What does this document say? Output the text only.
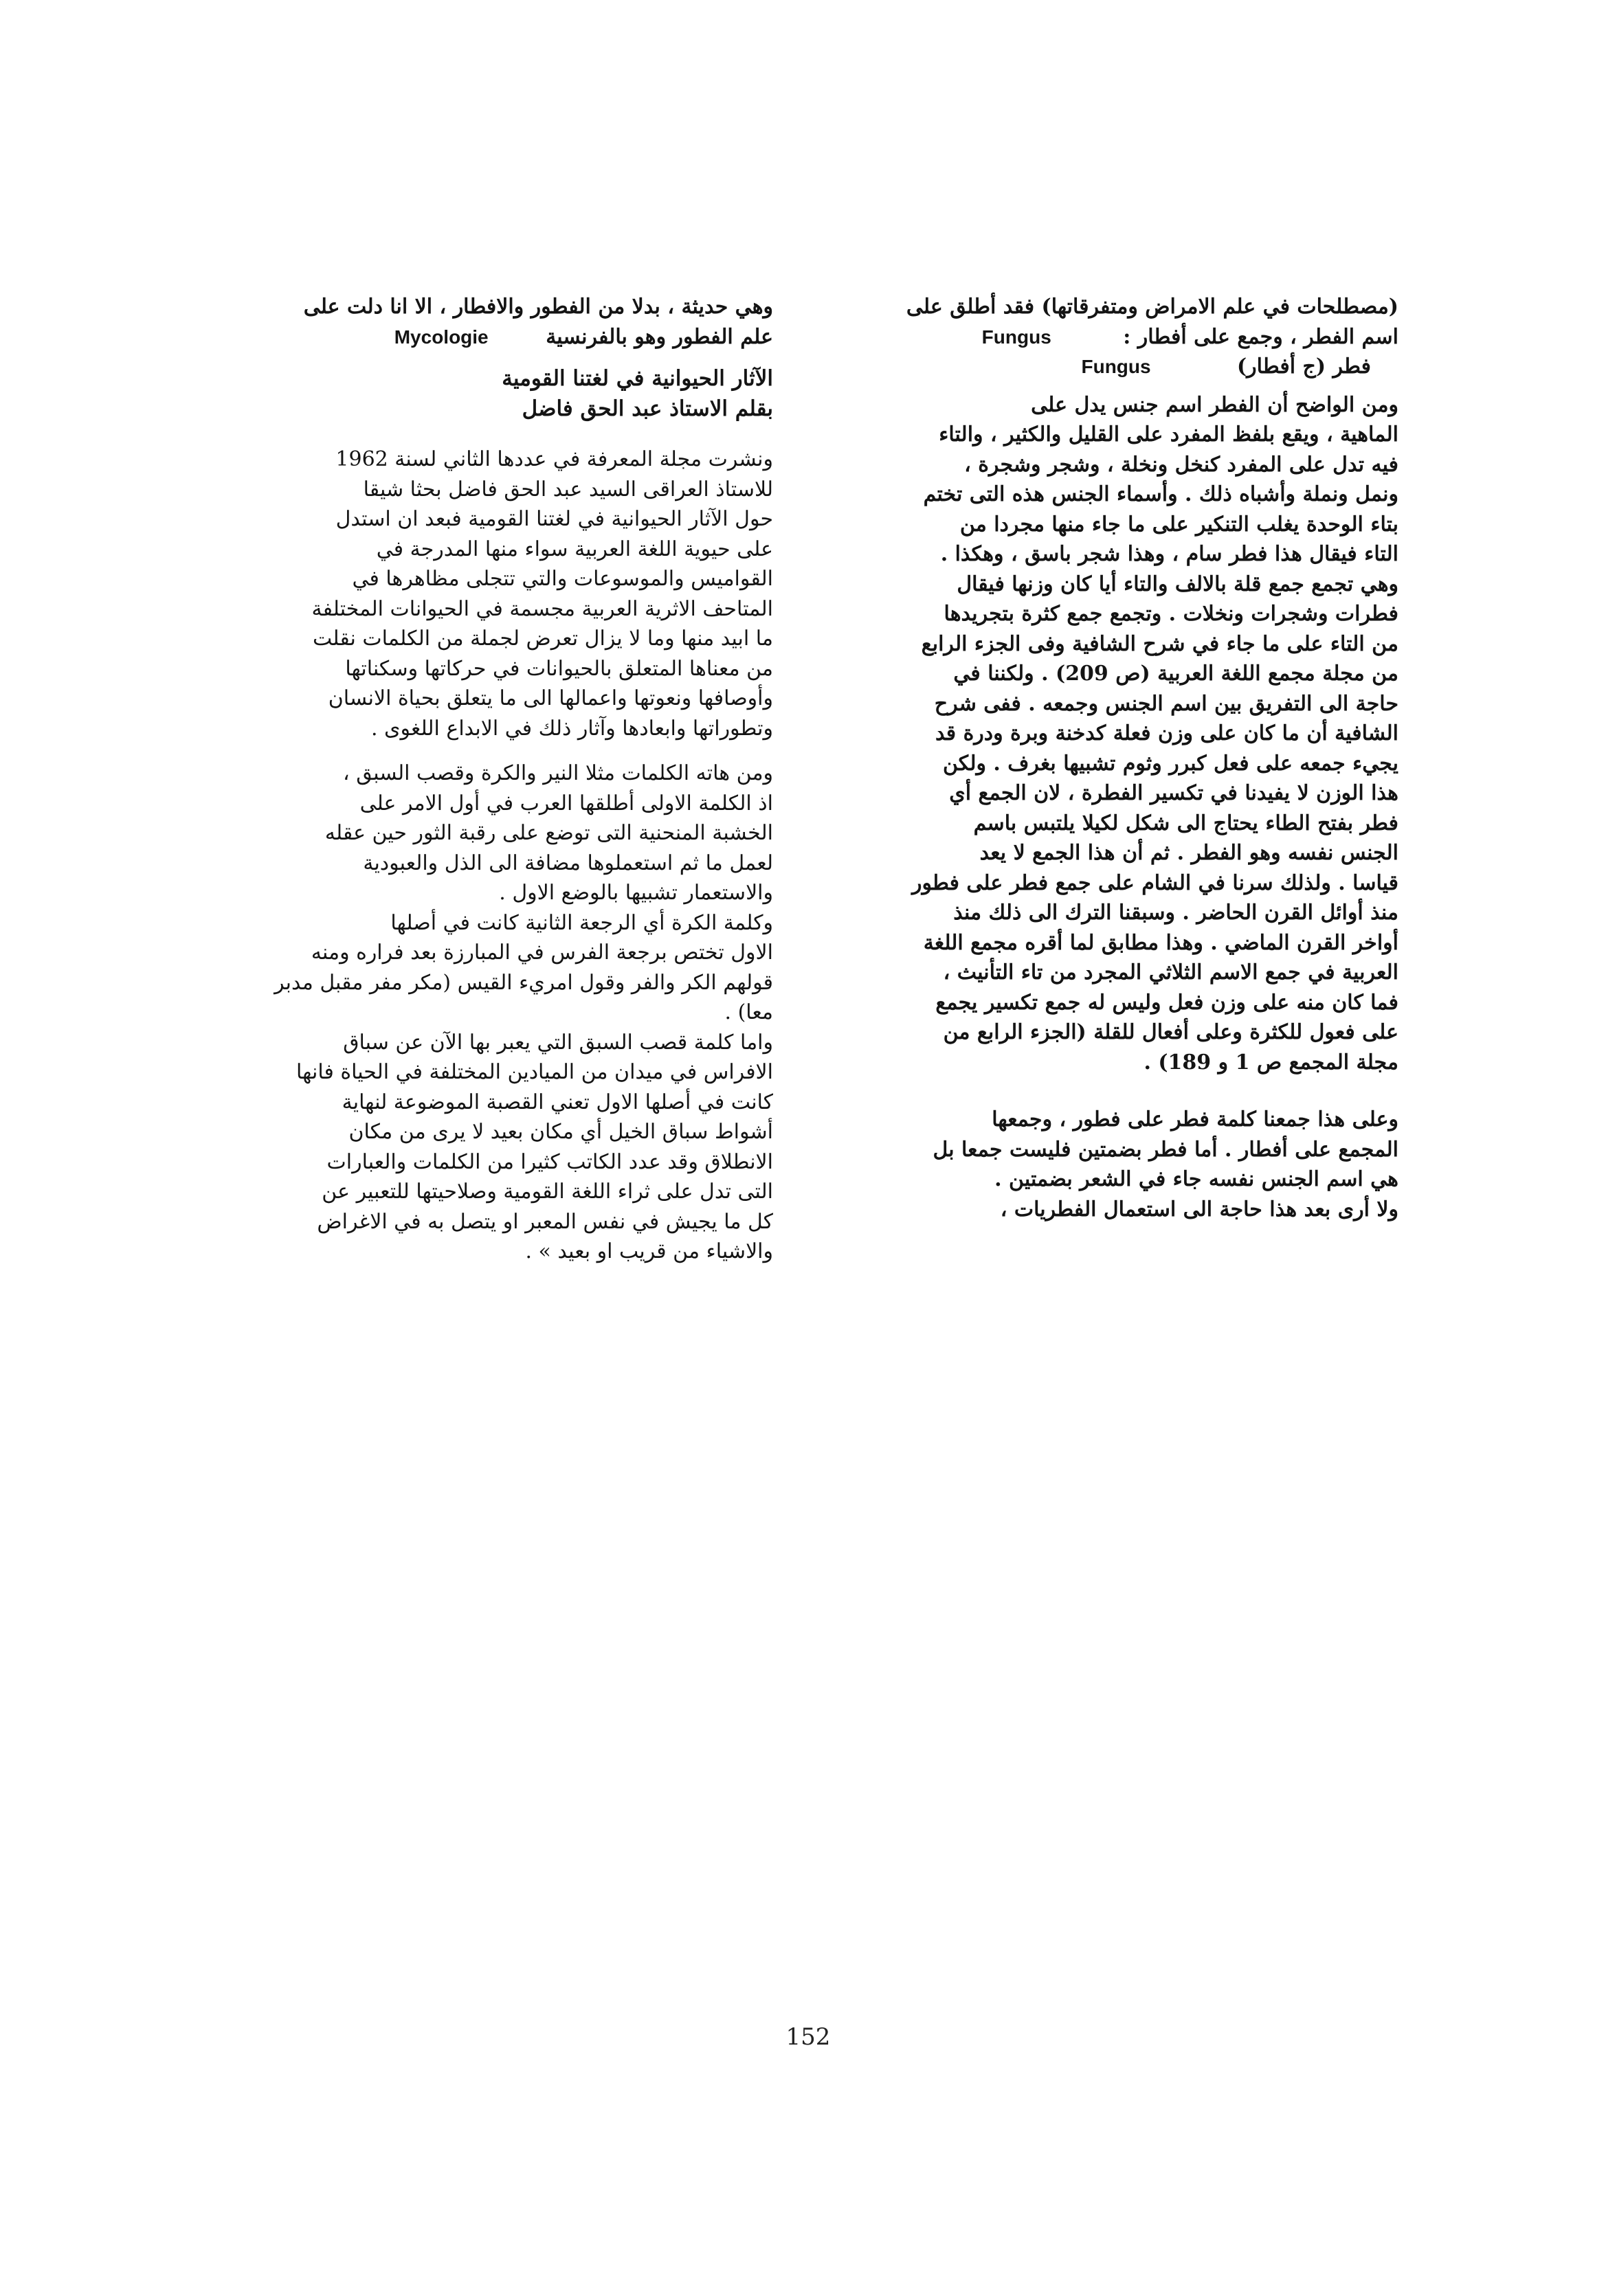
(مصطلحات في علم الامراض ومتفرقاتها) فقد أطلق على
اسم الفطر ، وجمع على أفطار :          Fungus
فطر (ج أفطار)            Fungus
ومن الواضح أن الفطر اسم جنس يدل على
الماهية ، ويقع بلفظ المفرد على القليل والكثير ، والتاء
فيه تدل على المفرد كنخل ونخلة ، وشجر وشجرة ،
ونمل ونملة وأشباه ذلك . وأسماء الجنس هذه التى تختم
بتاء الوحدة يغلب التنكير على ما جاء منها مجردا من
التاء فيقال هذا فطر سام ، وهذا شجر باسق ، وهكذا .
وهي تجمع جمع قلة بالالف والتاء أيا كان وزنها فيقال
فطرات وشجرات ونخلات . وتجمع جمع كثرة بتجريدها
من التاء على ما جاء في شرح الشافية وفى الجزء الرابع
من مجلة مجمع اللغة العربية (ص 209) . ولكننا في
حاجة الى التفريق بين اسم الجنس وجمعه . ففى شرح
الشافية أن ما كان على وزن فعلة كدخنة وبرة ودرة قد
يجيء جمعه على فعل كبرر وثوم تشبيها بغرف . ولكن
هذا الوزن لا يفيدنا في تكسير الفطرة ، لان الجمع أي
فطر بفتح الطاء يحتاج الى شكل لكيلا يلتبس باسم
الجنس نفسه وهو الفطر . ثم أن هذا الجمع لا يعد
قياسا . ولذلك سرنا في الشام على جمع فطر على فطور
منذ أوائل القرن الحاضر . وسبقنا الترك الى ذلك منذ
أواخر القرن الماضي . وهذا مطابق لما أقره مجمع اللغة
العربية في جمع الاسم الثلاثي المجرد من تاء التأنيث ،
فما كان منه على وزن فعل وليس له جمع تكسير يجمع
على فعول للكثرة وعلى أفعال للقلة (الجزء الرابع من
مجلة المجمع ص 1 و 189) .
وعلى هذا جمعنا كلمة فطر على فطور ، وجمعها
المجمع على أفطار . أما فطر بضمتين فليست جمعا بل
هي اسم الجنس نفسه جاء في الشعر بضمتين .
ولا أرى بعد هذا حاجة الى استعمال الفطريات ،
وهي حديثة ، بدلا من الفطور والافطار ، الا انا دلت على
علم الفطور وهو بالفرنسية        Mycologie
الآثار الحيوانية في لغتنا القومية
بقلم الاستاذ عبد الحق فاضل
ونشرت مجلة المعرفة في عددها الثاني لسنة 1962
للاستاذ العراقى السيد عبد الحق فاضل بحثا شيقا
حول الآثار الحيوانية في لغتنا القومية فبعد ان استدل
على حيوية اللغة العربية سواء منها المدرجة في
القواميس والموسوعات والتي تتجلى مظاهرها في
المتاحف الاثرية العربية مجسمة في الحيوانات المختلفة
ما ابيد منها وما لا يزال تعرض لجملة من الكلمات نقلت
من معناها المتعلق بالحيوانات في حركاتها وسكناتها
وأوصافها ونعوتها واعمالها الى ما يتعلق بحياة الانسان
وتطوراتها وابعادها وآثار ذلك في الابداع اللغوى .
ومن هاته الكلمات مثلا النير والكرة وقصب السبق ،
اذ الكلمة الاولى أطلقها العرب في أول الامر على
الخشبة المنحنية التى توضع على رقبة الثور حين عقله
لعمل ما ثم استعملوها مضافة الى الذل والعبودية
والاستعمار تشبيها بالوضع الاول .
وكلمة الكرة أي الرجعة الثانية كانت في أصلها
الاول تختص برجعة الفرس في المبارزة بعد فراره ومنه
قولهم الكر والفر وقول امريء القيس (مكر مفر مقبل مدبر
معا) .
واما كلمة قصب السبق التي يعبر بها الآن عن سباق
الافراس في ميدان من الميادين المختلفة في الحياة فانها
كانت في أصلها الاول تعني القصبة الموضوعة لنهاية
أشواط سباق الخيل أي مكان بعيد لا يرى من مكان
الانطلاق وقد عدد الكاتب كثيرا من الكلمات والعبارات
التى تدل على ثراء اللغة القومية وصلاحيتها للتعبير عن
كل ما يجيش في نفس المعبر او يتصل به في الاغراض
والاشياء من قريب او بعيد » .
152
